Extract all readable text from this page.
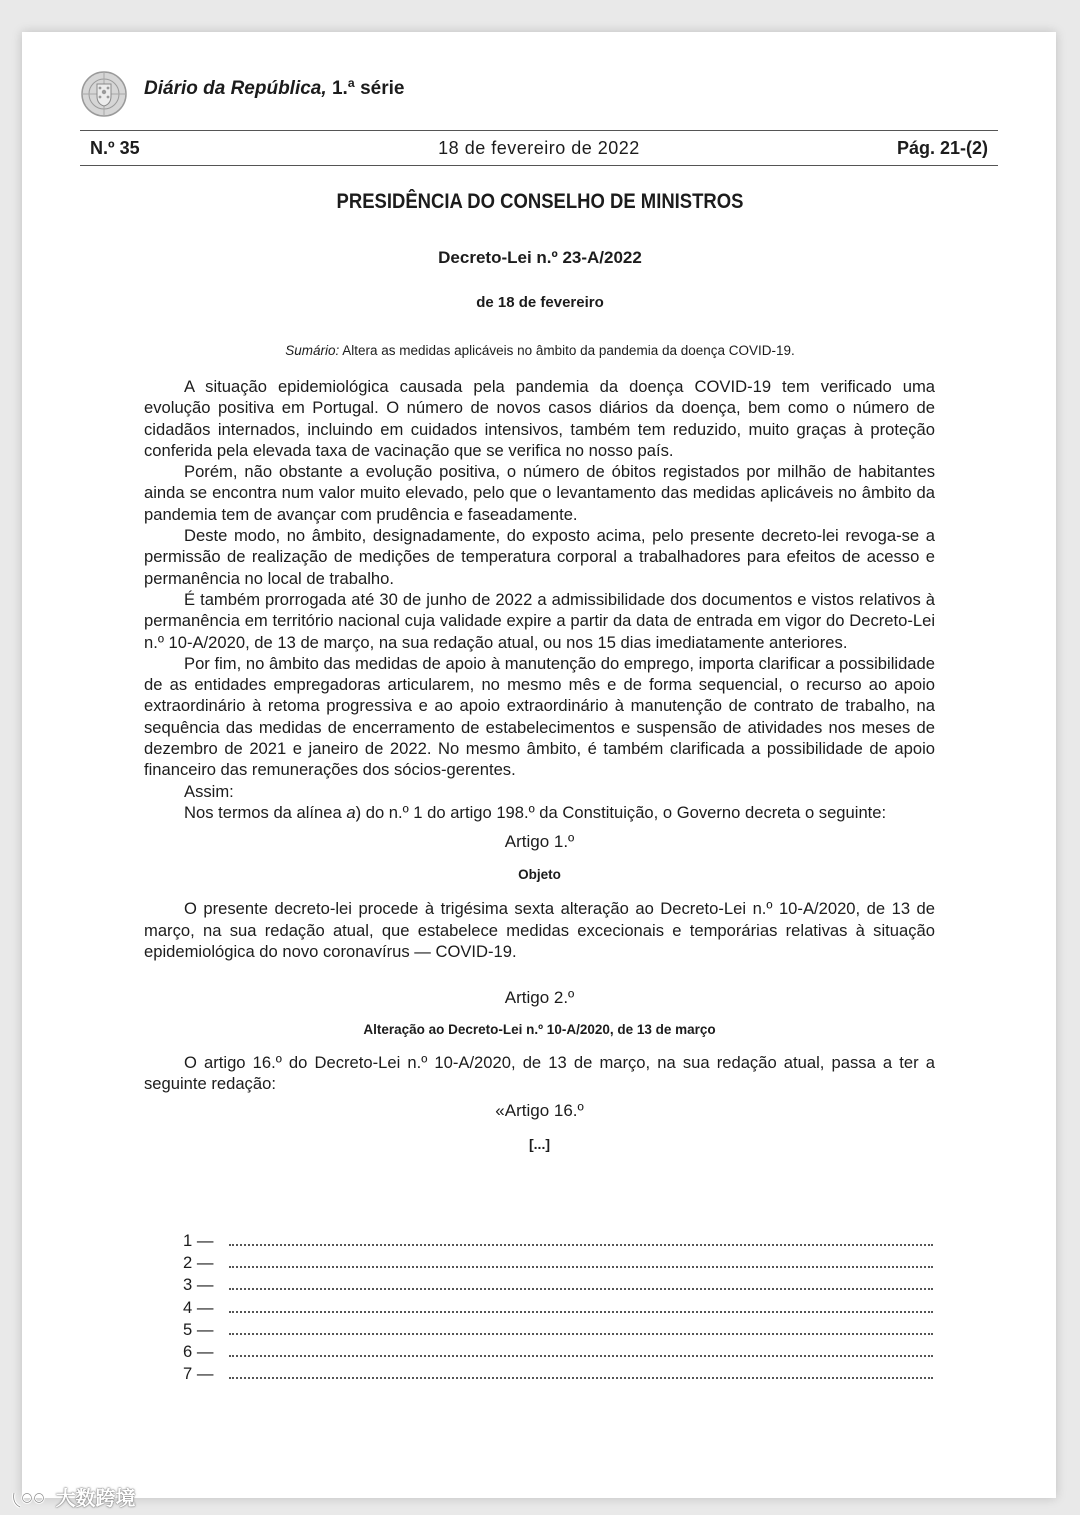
Diário da República, 1.ª série
N.º 35	18 de fevereiro de 2022	Pág. 21-(2)
PRESIDÊNCIA DO CONSELHO DE MINISTROS
Decreto-Lei n.º 23-A/2022
de 18 de fevereiro
Sumário: Altera as medidas aplicáveis no âmbito da pandemia da doença COVID-19.

A situação epidemiológica causada pela pandemia da doença COVID-19 tem verificado uma evolução positiva em Portugal. O número de novos casos diários da doença, bem como o número de cidadãos internados, incluindo em cuidados intensivos, também tem reduzido, muito graças à proteção conferida pela elevada taxa de vacinação que se verifica no nosso país.

Porém, não obstante a evolução positiva, o número de óbitos registados por milhão de habitantes ainda se encontra num valor muito elevado, pelo que o levantamento das medidas aplicáveis no âmbito da pandemia tem de avançar com prudência e faseadamente.

Deste modo, no âmbito, designadamente, do exposto acima, pelo presente decreto-lei revoga-se a permissão de realização de medições de temperatura corporal a trabalhadores para efeitos de acesso e permanência no local de trabalho.

É também prorrogada até 30 de junho de 2022 a admissibilidade dos documentos e vistos relativos à permanência em território nacional cuja validade expire a partir da data de entrada em vigor do Decreto-Lei n.º 10-A/2020, de 13 de março, na sua redação atual, ou nos 15 dias imediatamente anteriores.

Por fim, no âmbito das medidas de apoio à manutenção do emprego, importa clarificar a possibilidade de as entidades empregadoras articularem, no mesmo mês e de forma sequencial, o recurso ao apoio extraordinário à retoma progressiva e ao apoio extraordinário à manutenção de contrato de trabalho, na sequência das medidas de encerramento de estabelecimentos e suspensão de atividades nos meses de dezembro de 2021 e janeiro de 2022. No mesmo âmbito, é também clarificada a possibilidade de apoio financeiro das remunerações dos sócios-gerentes.

Assim:

Nos termos da alínea a) do n.º 1 do artigo 198.º da Constituição, o Governo decreta o seguinte:

Artigo 1.º
Objeto

O presente decreto-lei procede à trigésima sexta alteração ao Decreto-Lei n.º 10-A/2020, de 13 de março, na sua redação atual, que estabelece medidas excecionais e temporárias relativas à situação epidemiológica do novo coronavírus — COVID-19.

Artigo 2.º
Alteração ao Decreto-Lei n.º 10-A/2020, de 13 de março

O artigo 16.º do Decreto-Lei n.º 10-A/2020, de 13 de março, na sua redação atual, passa a ter a seguinte redação:

«Artigo 16.º
[...]
1 —
2 —
3 —
4 —
5 —
6 —
7 —
大数跨境
